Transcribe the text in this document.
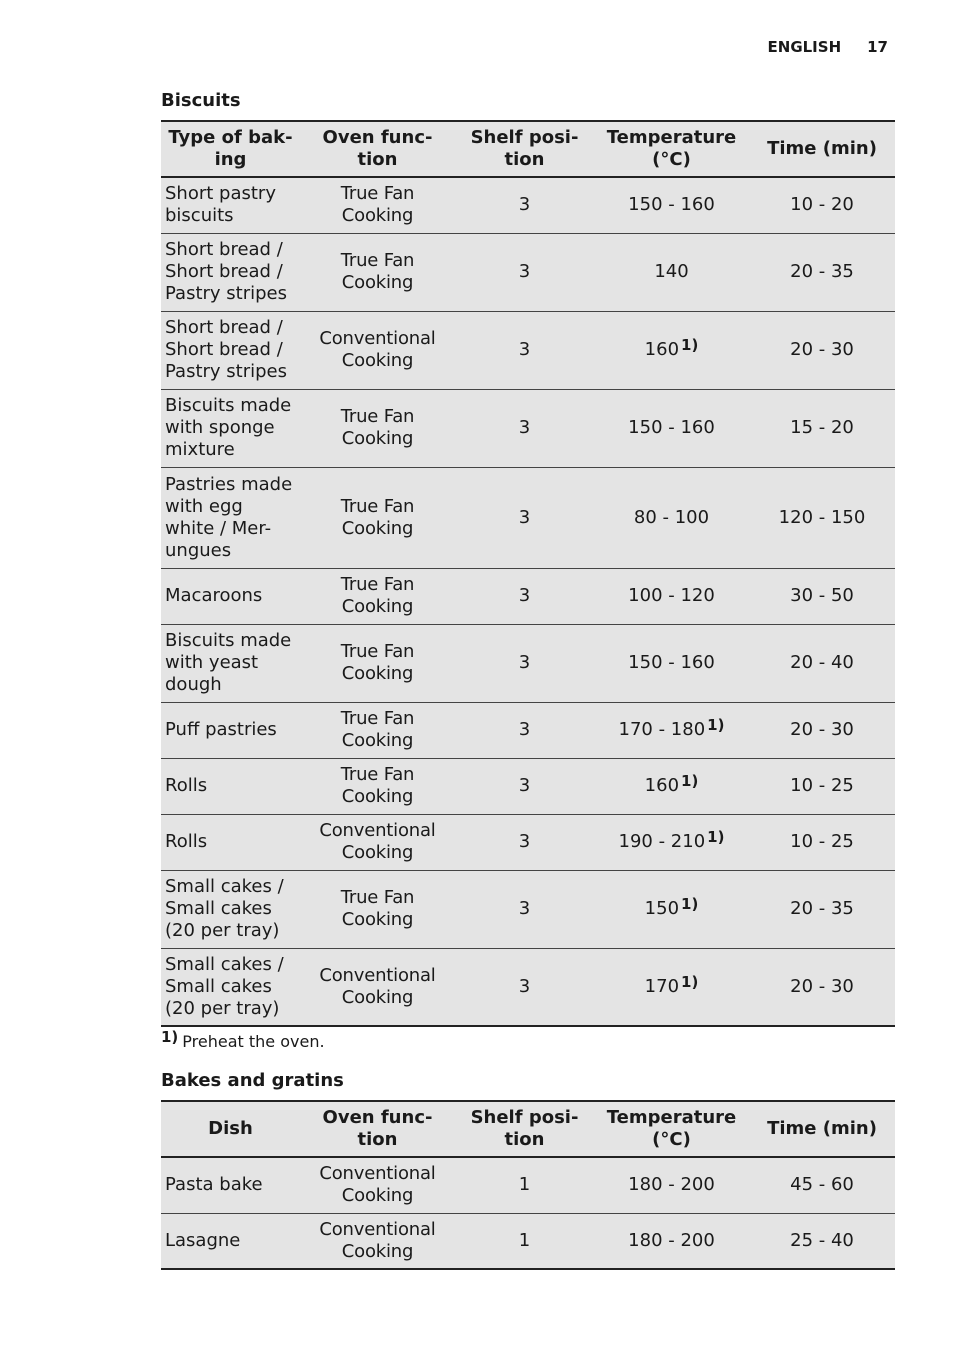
ENGLISH 17
Biscuits
Type of bak- ing	Oven func- tion	Shelf posi- tion	Temperature (°C)	Time (min)
Short pastry biscuits	True Fan Cooking	3	150 - 160	10 - 20
Short bread / Short bread / Pastry stripes	True Fan Cooking	3	140	20 - 35
Short bread / Short bread / Pastry stripes	Conventional Cooking	3	160 $^{1)}$	20 - 30
Biscuits made with sponge mixture	True Fan Cooking	3	150 - 160	15 - 20
Pastries made with egg white / Mer- ungues	True Fan Cooking	3	80 - 100	120 - 150
Macaroons	True Fan Cooking	3	100 - 120	30 - 50
Biscuits made with yeast dough	True Fan Cooking	3	150 - 160	20 - 40
Puff pastries	True Fan Cooking	3	170 - 180 $^{1)}$	20 - 30
Rolls	True Fan Cooking	3	160 $^{1)}$	10 - 25
Rolls	Conventional Cooking	3	190 - 210 $^{1)}$	10 - 25
Small cakes / Small cakes (20 per tray)	True Fan Cooking	3	150 $^{1)}$	20 - 35
Small cakes / Small cakes (20 per tray)	Conventional Cooking	3	170 $^{1)}$	20 - 30
1) Preheat the oven.
Bakes and gratins
Dish	Oven func- tion	Shelf posi- tion	Temperature (°C)	Time (min)
Pasta bake	Conventional Cooking	1	180 - 200	45 - 60
Lasagne	Conventional Cooking	1	180 - 200	25 - 40
